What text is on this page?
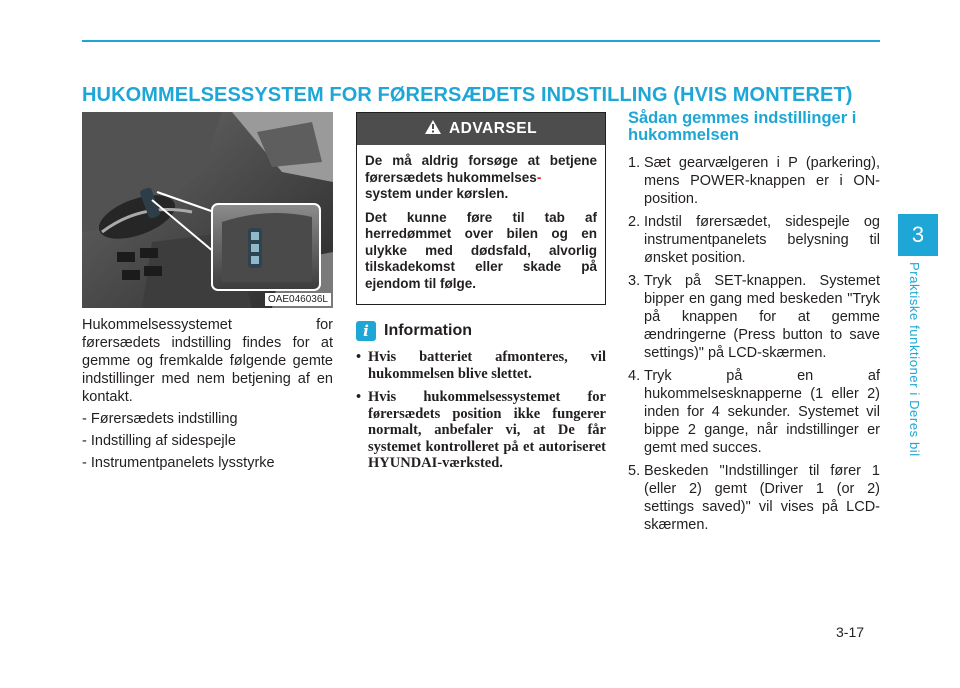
HUKOMMELSESSYSTEM FOR FØRERSÆDETS INDSTILLING (HVIS MONTERET)
3
Praktiske funktioner i Deres bil
OAE046036L

Hukommelsessystemet for førersædets indstilling findes for at gemme og fremkalde følgende gemte indstillinger med nem betjening af en kontakt.

- Førersædets indstilling
- Indstilling af sidespejle
- Instrumentpanelets lysstyrke
ADVARSEL

De må aldrig forsøge at betjene førersædets hukommelses-
system under kørslen.

Det kunne føre til tab af herredømmet over bilen og en ulykke med dødsfald, alvorlig tilskadekomst eller skade på ejendom til følge.

i Information
• Hvis batteriet afmonteres, vil hukommelsen blive slettet.
• Hvis hukommelsessystemet for førersædets position ikke fungerer normalt, anbefaler vi, at De får systemet kontrolleret på et autoriseret HYUNDAI-værksted.
Sådan gemmes indstillinger i hukommelsen
1. Sæt gearvælgeren i P (parkering), mens POWER-knappen er i ON-position.
2. Indstil førersædet, sidespejle og instrumentpanelets belysning til ønsket position.
3. Tryk på SET-knappen. Systemet bipper en gang med beskeden "Tryk på knappen for at gemme ændringerne (Press button to save settings)" på LCD-skærmen.
4. Tryk på en af hukommelsesknapperne (1 eller 2) inden for 4 sekunder. Systemet vil bippe 2 gange, når indstillinger er gemt med succes.
5. Beskeden "Indstillinger til fører 1 (eller 2) gemt (Driver 1 (or 2) settings saved)" vil vises på LCD-skærmen.
3-17
